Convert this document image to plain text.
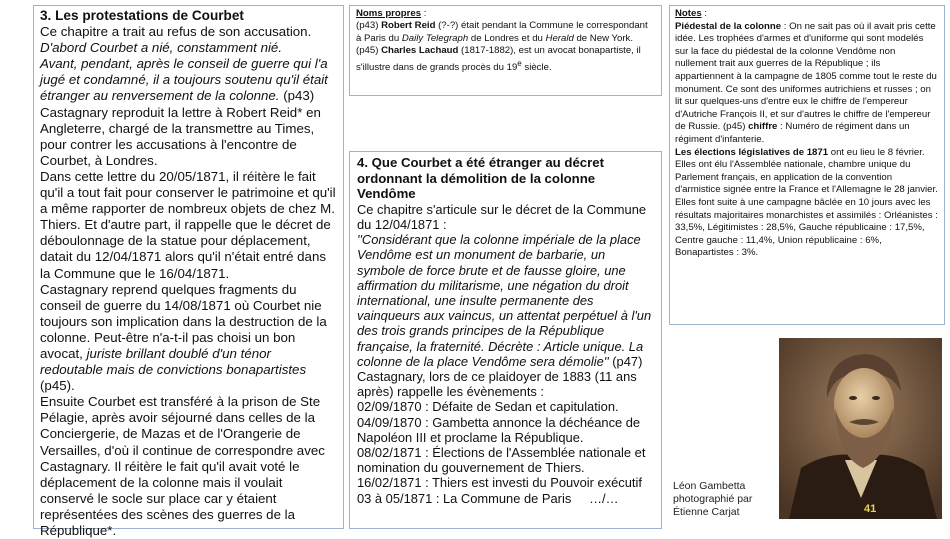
3. Les protestations de Courbet

Ce chapitre a trait au refus de son accusation.

D'abord Courbet a nié, constamment nié.

Avant, pendant, après le conseil de guerre qui l'a jugé et condamné, il a toujours soutenu qu'il était étranger au renversement de la colonne. (p43)

Castagnary reproduit la lettre à Robert Reid* en Angleterre, chargé de la transmettre au Times, pour contrer les accusations à l'encontre de Courbet, à Londres.

Dans cette lettre du 20/05/1871, il réitère le fait qu'il a tout fait pour conserver le patrimoine et qu'il a même rapporter de nombreux objets de chez M. Thiers. Et d'autre part, il rappelle que le décret de déboulonnage de la statue pour déplacement, datait du 12/04/1871 alors qu'il n'était entré dans la Commune que le 16/04/1871.

Castagnary reprend quelques fragments du conseil de guerre du 14/08/1871 où Courbet nie toujours son implication dans la destruction de la colonne. Peut-être n'a-t-il pas choisi un bon avocat, juriste brillant doublé d'un ténor redoutable mais de convictions bonapartistes (p45).

Ensuite Courbet est transféré à la prison de Ste Pélagie, après avoir séjourné dans celles de la Conciergerie, de Mazas et de l'Orangerie de Versailles, d'où il continue de correspondre avec Castagnary. Il réitère le fait qu'il avait voté le déplacement de la colonne mais il voulait conservé le socle sur place car y étaient représentées des scènes des guerres de la République*.

Noms propres :

(p43) Robert Reid (?-?) était pendant la Commune le correspondant à Paris du Daily Telegraph de Londres et du Herald de New York.

(p45) Charles Lachaud (1817-1882), est un avocat bonapartiste, il s'illustre dans de grands procès du 19e siècle.

4. Que Courbet a été étranger au décret ordonnant la démolition de la colonne Vendôme

Ce chapitre s'articule sur le décret de la Commune du 12/04/1871 :

''Considérant que la colonne impériale de la place Vendôme est un monument de barbarie, un symbole de force brute et de fausse gloire, une affirmation du militarisme, une négation du droit international, une insulte permanente des vainqueurs aux vaincus, un attentat perpétuel à l'un des trois grands principes de la République française, la fraternité. Décrète : Article unique. La colonne de la place Vendôme sera démolie'' (p47)

Castagnary, lors de ce plaidoyer de 1883 (11 ans après) rappelle les évènements :

02/09/1870 : Défaite de Sedan et capitulation.

04/09/1870 : Gambetta annonce la déchéance de Napoléon III et proclame la République.

08/02/1871 : Élections de l'Assemblée nationale et nomination du gouvernement de Thiers.

16/02/1871 : Thiers est investi du Pouvoir exécutif

03 à 05/1871 : La Commune de Paris     …/…

Notes :

Piédestal de la colonne : On ne sait pas où il avait pris cette idée. Les trophées d'armes et d'uniforme qui sont modelés sur la face du piédestal de la colonne Vendôme non nullement trait aux guerres de la République ; ils appartiennent à la campagne de 1805 comme tout le reste du monument. Ce sont des uniformes autrichiens et russes ; on lit sur quelques-uns d'entre eux le chiffre de l'empereur d'Autriche François II, et sur d'autres le chiffre de l'empereur de Russie. (p45) chiffre : Numéro de régiment dans un régiment d'infanterie.

Les élections législatives de 1871 ont eu lieu le 8 février. Elles ont élu l'Assemblée nationale, chambre unique du Parlement français, en application de la convention d'armistice signée entre la France et l'Allemagne le 28 janvier. Elles font suite à une campagne bâclée en 10 jours avec les résultats majoritaires monarchistes et assimilés : Orléanistes : 33,5%, Légitimistes : 28,5%, Gauche républicaine : 17,5%, Centre gauche : 11,4%, Union républicaine : 6%, Bonapartistes : 3%.

Léon Gambetta photographié par Étienne Carjat	41
